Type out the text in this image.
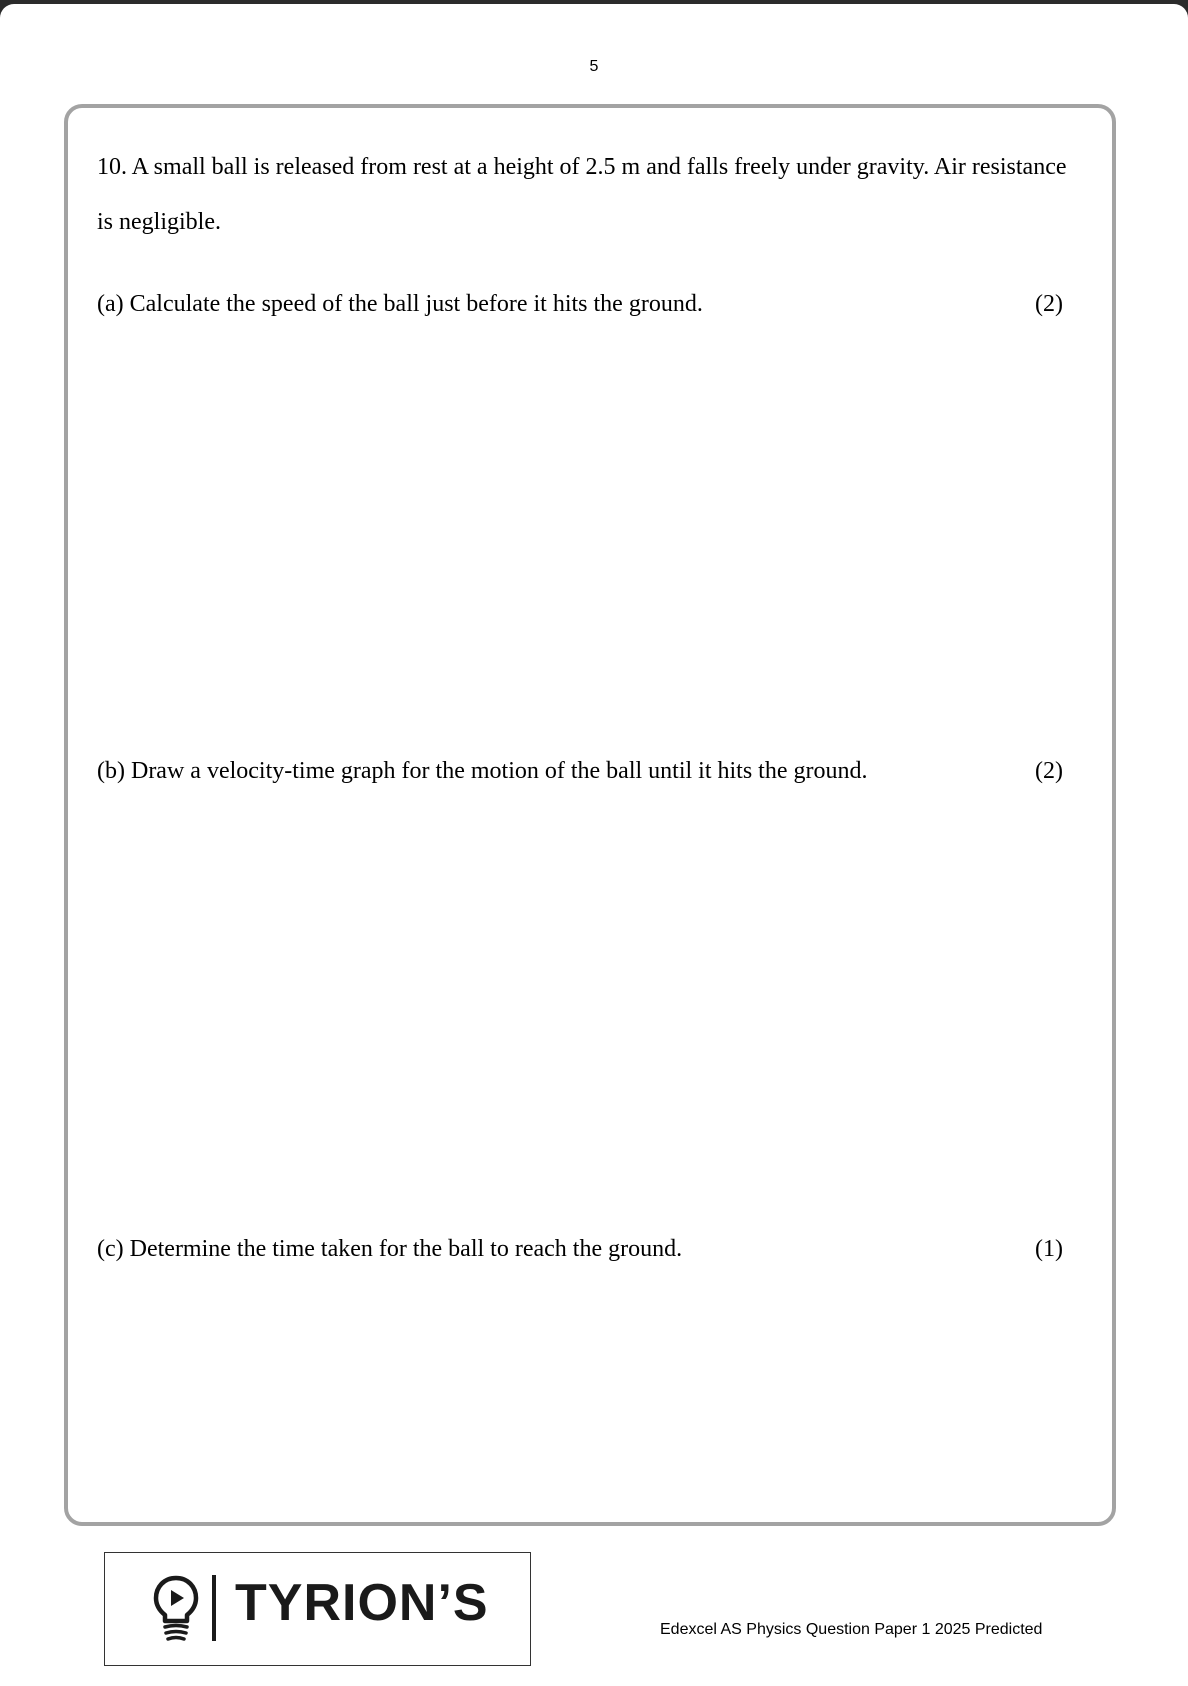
5
10. A small ball is released from rest at a height of 2.5 m and falls freely under gravity. Air resistance
is negligible.
(a) Calculate the speed of the ball just before it hits the ground.	(2)
(b) Draw a velocity-time graph for the motion of the ball until it hits the ground.	(2)
(c) Determine the time taken for the ball to reach the ground.	(1)
TYRION’S	Edexcel AS Physics Question Paper 1 2025 Predicted
